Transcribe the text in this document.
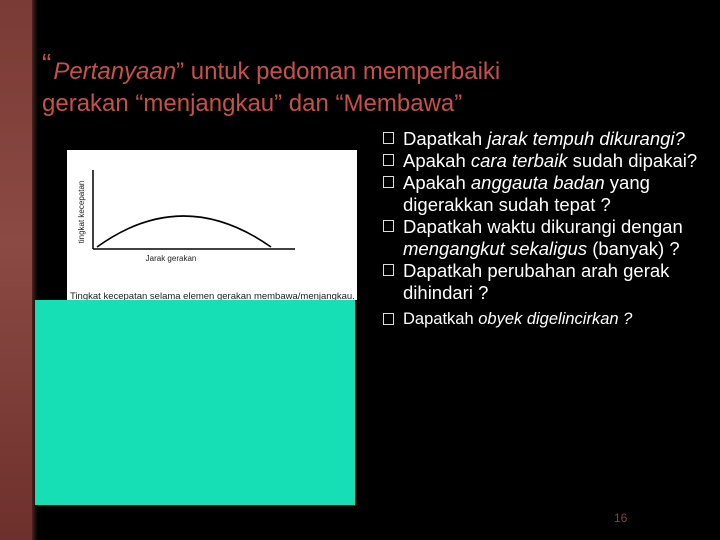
“Pertanyaan” untuk pedoman memperbaiki
gerakan “menjangkau” dan “Membawa”
tingkat kecepatan
Jarak gerakan
Tingkat kecepatan selama elemen gerakan membawa/menjangkau.
Dapatkah jarak tempuh dikurangi?
Apakah cara terbaik sudah dipakai?
Apakah anggauta badan yang digerakkan sudah tepat ?
Dapatkah waktu dikurangi dengan mengangkut sekaligus (banyak) ?
Dapatkah perubahan arah gerak dihindari ?
Dapatkah obyek digelincirkan ?
16
